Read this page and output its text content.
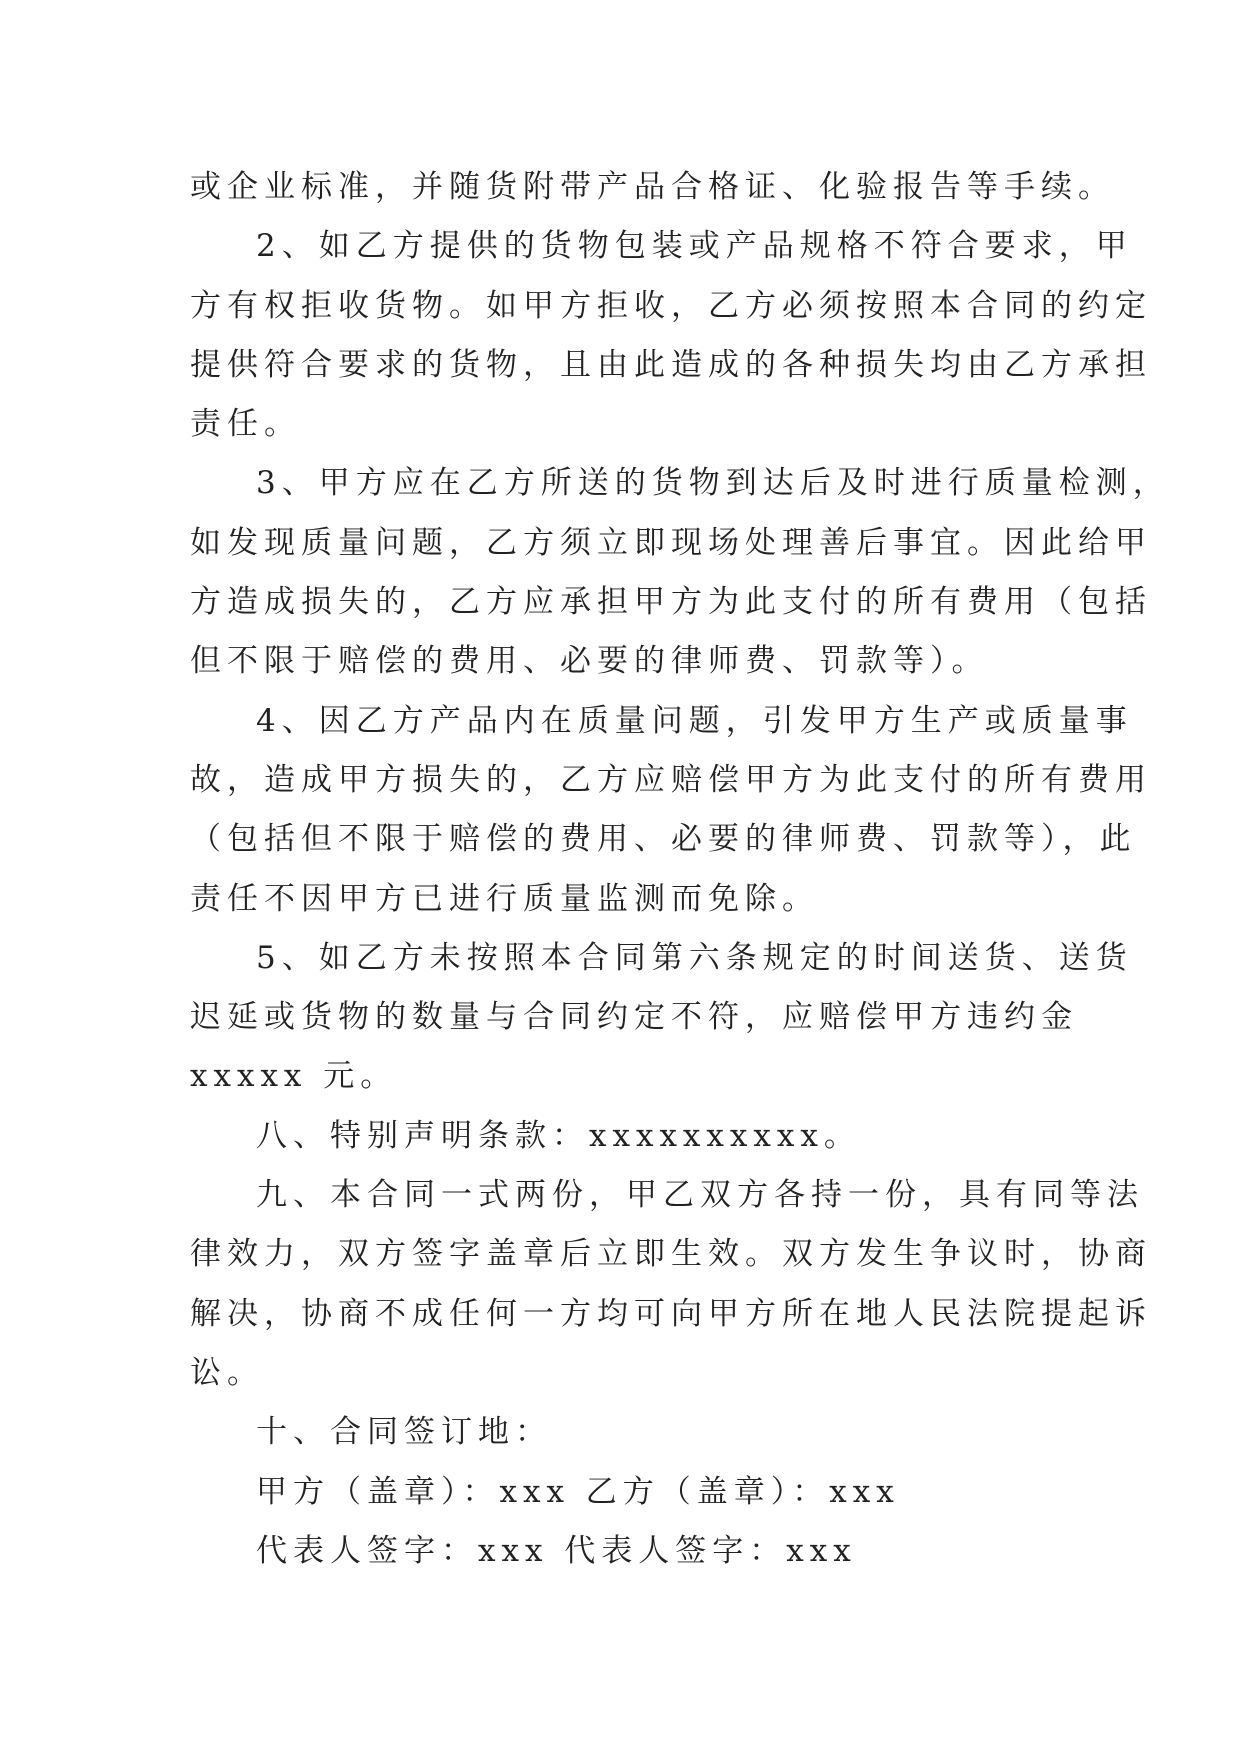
或企业标准，并随货附带产品合格证、化验报告等手续。
2、如乙方提供的货物包装或产品规格不符合要求，甲
方有权拒收货物。如甲方拒收，乙方必须按照本合同的约定
提供符合要求的货物，且由此造成的各种损失均由乙方承担
责任。
3、甲方应在乙方所送的货物到达后及时进行质量检测，
如发现质量问题，乙方须立即现场处理善后事宜。因此给甲
方造成损失的，乙方应承担甲方为此支付的所有费用（包括
但不限于赔偿的费用、必要的律师费、罚款等）。
4、因乙方产品内在质量问题，引发甲方生产或质量事
故，造成甲方损失的，乙方应赔偿甲方为此支付的所有费用
（包括但不限于赔偿的费用、必要的律师费、罚款等），此
责任不因甲方已进行质量监测而免除。
5、如乙方未按照本合同第六条规定的时间送货、送货
迟延或货物的数量与合同约定不符，应赔偿甲方违约金
xxxxx 元。
八、特别声明条款：xxxxxxxxxx。
九、本合同一式两份，甲乙双方各持一份，具有同等法
律效力，双方签字盖章后立即生效。双方发生争议时，协商
解决，协商不成任何一方均可向甲方所在地人民法院提起诉
讼。
十、合同签订地：
甲方（盖章）：xxx 乙方（盖章）：xxx
代表人签字：xxx 代表人签字：xxx
